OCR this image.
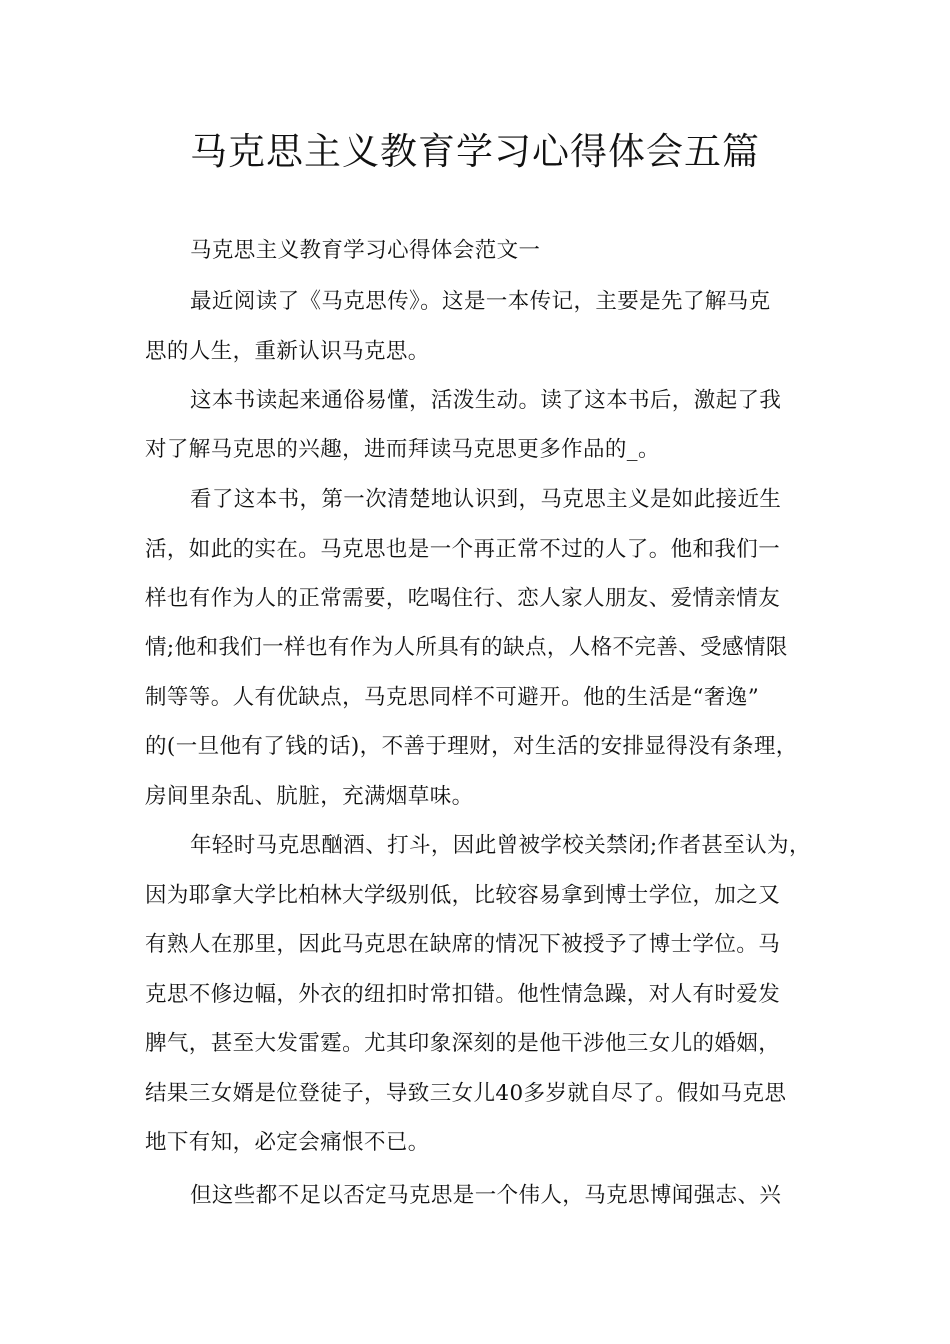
马克思主义教育学习心得体会五篇
马克思主义教育学习心得体会范文一
最近阅读了《马克思传》。这是一本传记，主要是先了解马克
思的人生，重新认识马克思。
这本书读起来通俗易懂，活泼生动。读了这本书后，激起了我
对了解马克思的兴趣，进而拜读马克思更多作品的_。
看了这本书，第一次清楚地认识到，马克思主义是如此接近生
活，如此的实在。马克思也是一个再正常不过的人了。他和我们一
样也有作为人的正常需要，吃喝住行、恋人家人朋友、爱情亲情友
情;他和我们一样也有作为人所具有的缺点，人格不完善、受感情限
制等等。人有优缺点，马克思同样不可避开。他的生活是“奢逸”
的(一旦他有了钱的话)，不善于理财，对生活的安排显得没有条理，
房间里杂乱、肮脏，充满烟草味。
年轻时马克思酗酒、打斗，因此曾被学校关禁闭;作者甚至认为，
因为耶拿大学比柏林大学级别低，比较容易拿到博士学位，加之又
有熟人在那里，因此马克思在缺席的情况下被授予了博士学位。马
克思不修边幅，外衣的纽扣时常扣错。他性情急躁，对人有时爱发
脾气，甚至大发雷霆。尤其印象深刻的是他干涉他三女儿的婚姻，
结果三女婿是位登徒子，导致三女儿40多岁就自尽了。假如马克思
地下有知，必定会痛恨不已。
但这些都不足以否定马克思是一个伟人，马克思博闻强志、兴
